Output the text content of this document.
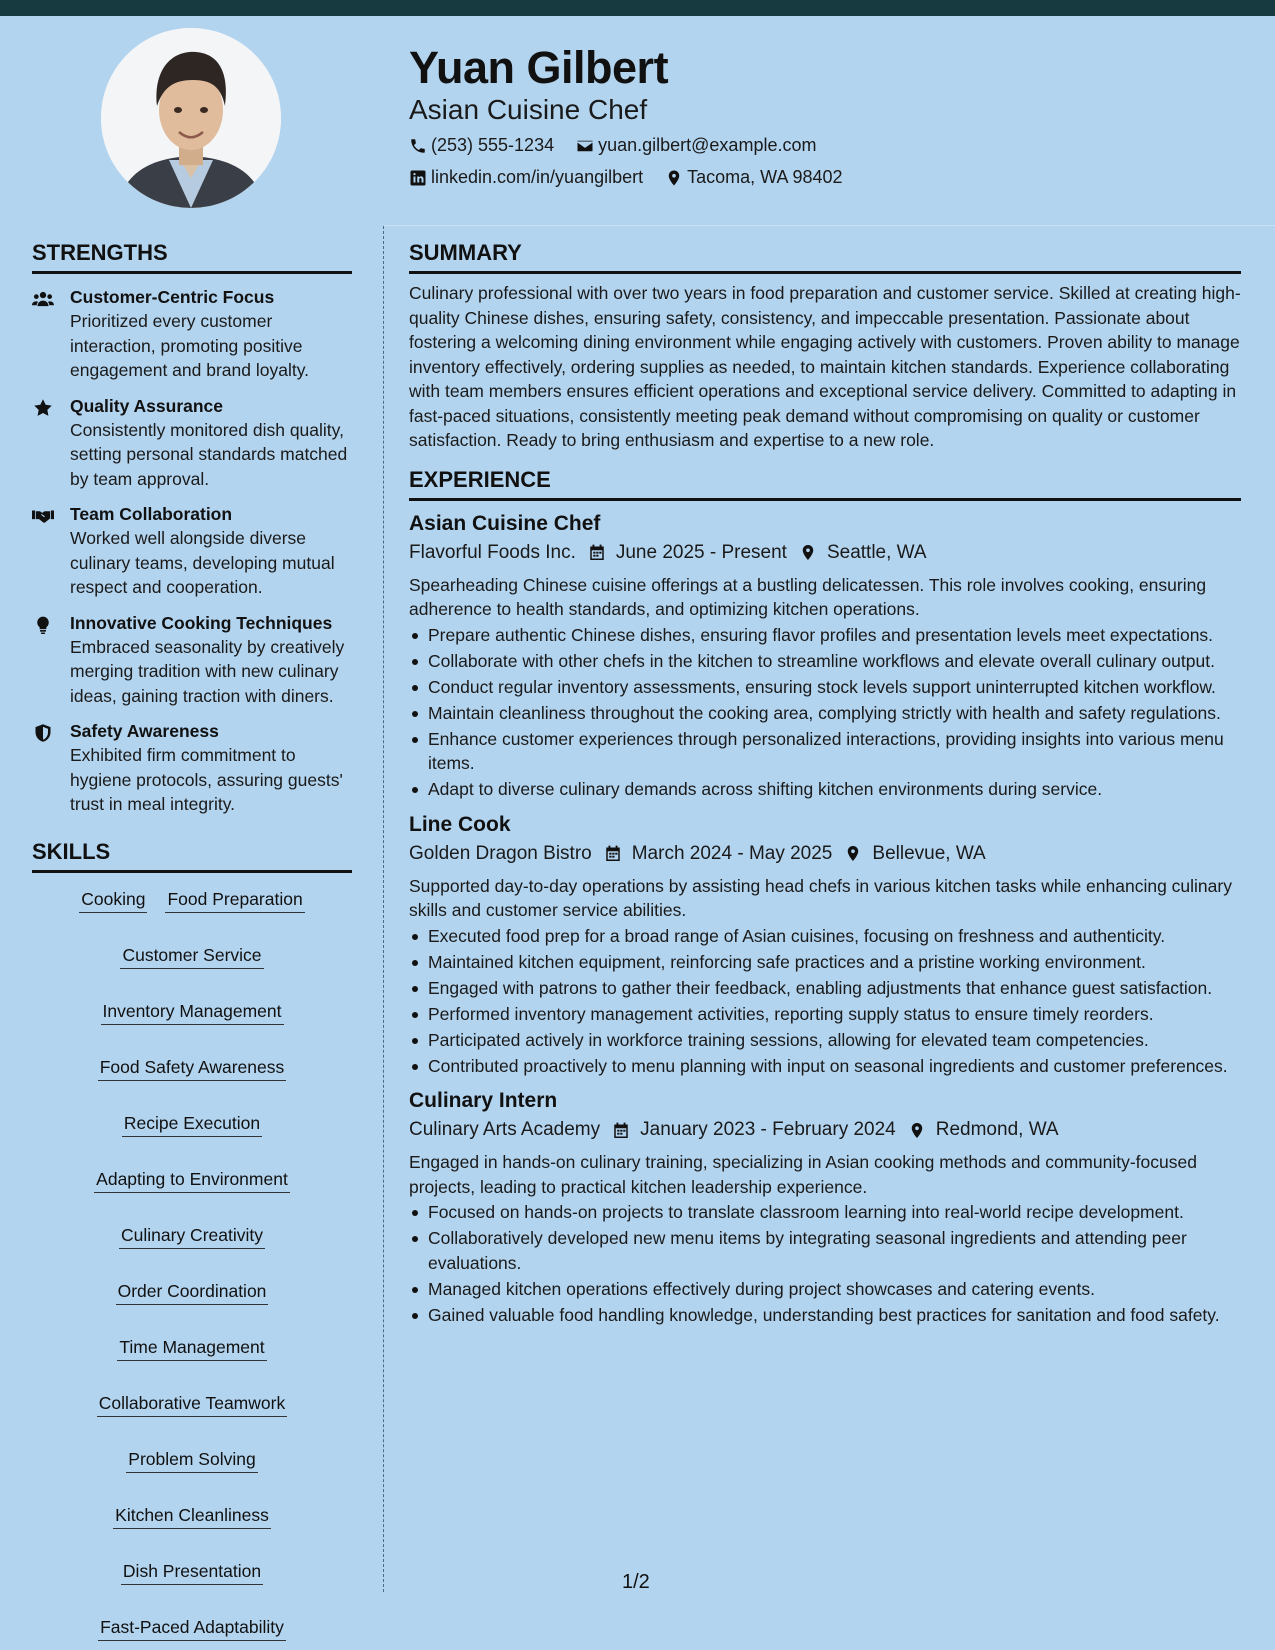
Yuan Gilbert
Asian Cuisine Chef
(253) 555-1234 yuan.gilbert@example.com
linkedin.com/in/yuangilbert Tacoma, WA 98402
STRENGTHS
Customer-Centric Focus
Prioritized every customer interaction, promoting positive engagement and brand loyalty.
Quality Assurance
Consistently monitored dish quality, setting personal standards matched by team approval.
Team Collaboration
Worked well alongside diverse culinary teams, developing mutual respect and cooperation.
Innovative Cooking Techniques
Embraced seasonality by creatively merging tradition with new culinary ideas, gaining traction with diners.
Safety Awareness
Exhibited firm commitment to hygiene protocols, assuring guests' trust in meal integrity.
SKILLS
Cooking Food Preparation
Customer Service
Inventory Management
Food Safety Awareness
Recipe Execution
Adapting to Environment
Culinary Creativity
Order Coordination
Time Management
Collaborative Teamwork
Problem Solving
Kitchen Cleanliness
Dish Presentation
Fast-Paced Adaptability
SUMMARY
Culinary professional with over two years in food preparation and customer service. Skilled at creating high-quality Chinese dishes, ensuring safety, consistency, and impeccable presentation. Passionate about fostering a welcoming dining environment while engaging actively with customers. Proven ability to manage inventory effectively, ordering supplies as needed, to maintain kitchen standards. Experience collaborating with team members ensures efficient operations and exceptional service delivery. Committed to adapting in fast-paced situations, consistently meeting peak demand without compromising on quality or customer satisfaction. Ready to bring enthusiasm and expertise to a new role.
EXPERIENCE
Asian Cuisine Chef
Flavorful Foods Inc. June 2025 - Present Seattle, WA
Spearheading Chinese cuisine offerings at a bustling delicatessen. This role involves cooking, ensuring adherence to health standards, and optimizing kitchen operations.
Prepare authentic Chinese dishes, ensuring flavor profiles and presentation levels meet expectations.
Collaborate with other chefs in the kitchen to streamline workflows and elevate overall culinary output.
Conduct regular inventory assessments, ensuring stock levels support uninterrupted kitchen workflow.
Maintain cleanliness throughout the cooking area, complying strictly with health and safety regulations.
Enhance customer experiences through personalized interactions, providing insights into various menu items.
Adapt to diverse culinary demands across shifting kitchen environments during service.
Line Cook
Golden Dragon Bistro March 2024 - May 2025 Bellevue, WA
Supported day-to-day operations by assisting head chefs in various kitchen tasks while enhancing culinary skills and customer service abilities.
Executed food prep for a broad range of Asian cuisines, focusing on freshness and authenticity.
Maintained kitchen equipment, reinforcing safe practices and a pristine working environment.
Engaged with patrons to gather their feedback, enabling adjustments that enhance guest satisfaction.
Performed inventory management activities, reporting supply status to ensure timely reorders.
Participated actively in workforce training sessions, allowing for elevated team competencies.
Contributed proactively to menu planning with input on seasonal ingredients and customer preferences.
Culinary Intern
Culinary Arts Academy January 2023 - February 2024 Redmond, WA
Engaged in hands-on culinary training, specializing in Asian cooking methods and community-focused projects, leading to practical kitchen leadership experience.
Focused on hands-on projects to translate classroom learning into real-world recipe development.
Collaboratively developed new menu items by integrating seasonal ingredients and attending peer evaluations.
Managed kitchen operations effectively during project showcases and catering events.
Gained valuable food handling knowledge, understanding best practices for sanitation and food safety.
1/2
